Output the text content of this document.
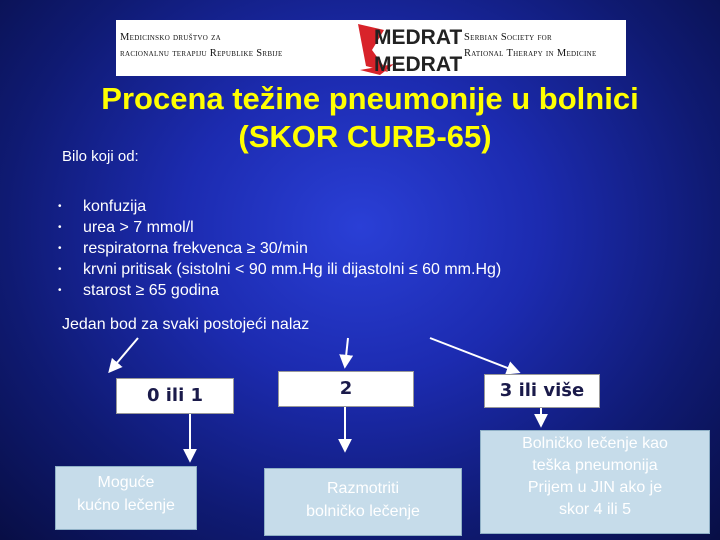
Medicinsko društvo za
racionalnu terapiju Republike Srbije
MEDRAT
MEDRAT
Serbian Society for
Rational Therapy in Medicine
Procena težine pneumonije u bolnici
(SKOR CURB-65)
Bilo koji od:
• konfuzija
• urea > 7 mmol/l
• respiratorna frekvenca ≥ 30/min
• krvni pritisak (sistolni < 90 mm.Hg ili dijastolni ≤ 60 mm.Hg)
• starost ≥ 65 godina
Jedan bod za svaki postojeći nalaz
0 ili 1	2	3 ili više
Moguće
kućno lečenje
Razmotriti
bolničko lečenje
Bolničko lečenje kao
teška pneumonija
Prijem u JIN ako je
skor 4 ili 5
